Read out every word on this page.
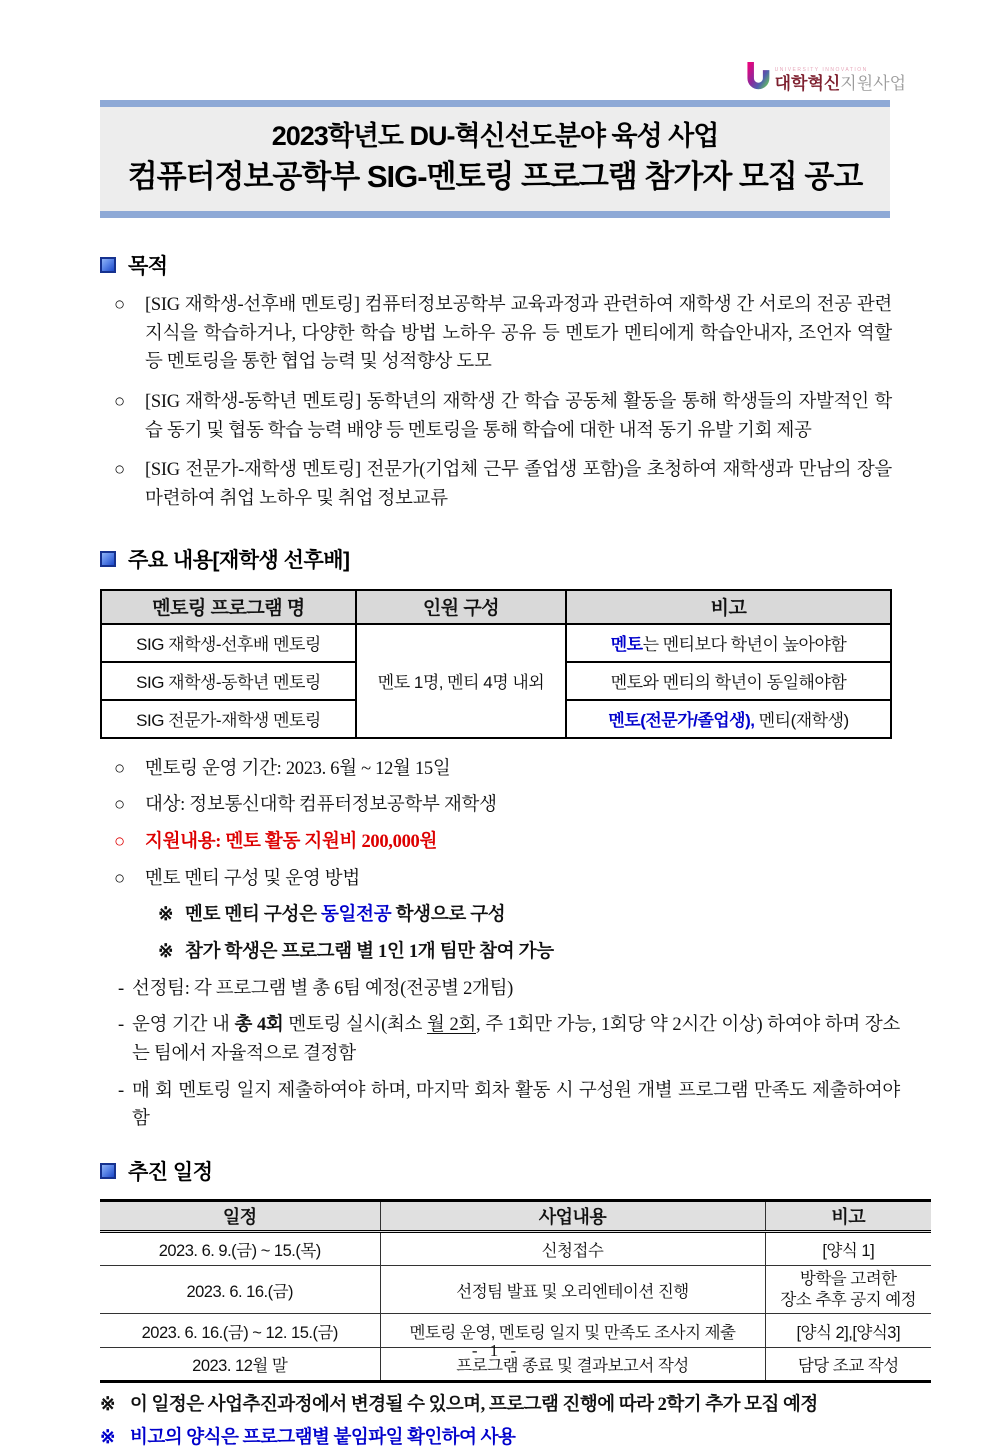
UNIVERSITY INNOVATION
대학혁신지원사업
2023학년도 DU-혁신선도분야 육성 사업
컴퓨터정보공학부 SIG-멘토링 프로그램 참가자 모집 공고
목적
○	[SIG 재학생-선후배 멘토링] 컴퓨터정보공학부 교육과정과 관련하여 재학생 간 서로의 전공 관련 지식을 학습하거나, 다양한 학습 방법 노하우 공유 등 멘토가 멘티에게 학습안내자, 조언자 역할 등 멘토링을 통한 협업 능력 및 성적향상 도모
○	[SIG 재학생-동학년 멘토링] 동학년의 재학생 간 학습 공동체 활동을 통해 학생들의 자발적인 학습 동기 및 협동 학습 능력 배양 등 멘토링을 통해 학습에 대한 내적 동기 유발 기회 제공
○	[SIG 전문가-재학생 멘토링] 전문가(기업체 근무 졸업생 포함)을 초청하여 재학생과 만남의 장을 마련하여 취업 노하우 및 취업 정보교류
주요 내용[재학생 선후배]
멘토링 프로그램 명	인원 구성	비고
SIG 재학생-선후배 멘토링	멘토 1명, 멘티 4명 내외	멘토는 멘티보다 학년이 높아야함
SIG 재학생-동학년 멘토링		멘토와 멘티의 학년이 동일해야함
SIG 전문가-재학생 멘토링		멘토(전문가/졸업생), 멘티(재학생)
○	멘토링 운영 기간: 2023. 6월 ~ 12월 15일
○	대상: 정보통신대학 컴퓨터정보공학부 재학생
○	지원내용: 멘토 활동 지원비 200,000원
○	멘토 멘티 구성 및 운영 방법
※ 멘토 멘티 구성은 동일전공 학생으로 구성
※ 참가 학생은 프로그램 별 1인 1개 팀만 참여 가능
- 선정팀: 각 프로그램 별 총 6팀 예정(전공별 2개팀)
- 운영 기간 내 총 4회 멘토링 실시(최소 월 2회, 주 1회만 가능, 1회당 약 2시간 이상) 하여야 하며 장소는 팀에서 자율적으로 결정함
- 매 회 멘토링 일지 제출하여야 하며, 마지막 회차 활동 시 구성원 개별 프로그램 만족도 제출하여야 함
추진 일정
일정	사업내용	비고
2023. 6. 9.(금) ~ 15.(목)	신청접수	[양식 1]
2023. 6. 16.(금)	선정팀 발표 및 오리엔테이션 진행	방학을 고려한
장소 추후 공지 예정
2023. 6. 16.(금) ~ 12. 15.(금)	멘토링 운영, 멘토링 일지 및 만족도 조사지 제출	[양식 2],[양식3]
2023. 12월 말	프로그램 종료 및 결과보고서 작성	담당 조교 작성
※ 이 일정은 사업추진과정에서 변경될 수 있으며, 프로그램 진행에 따라 2학기 추가 모집 예정
※ 비고의 양식은 프로그램별 붙임파일 확인하여 사용
- 1 -
